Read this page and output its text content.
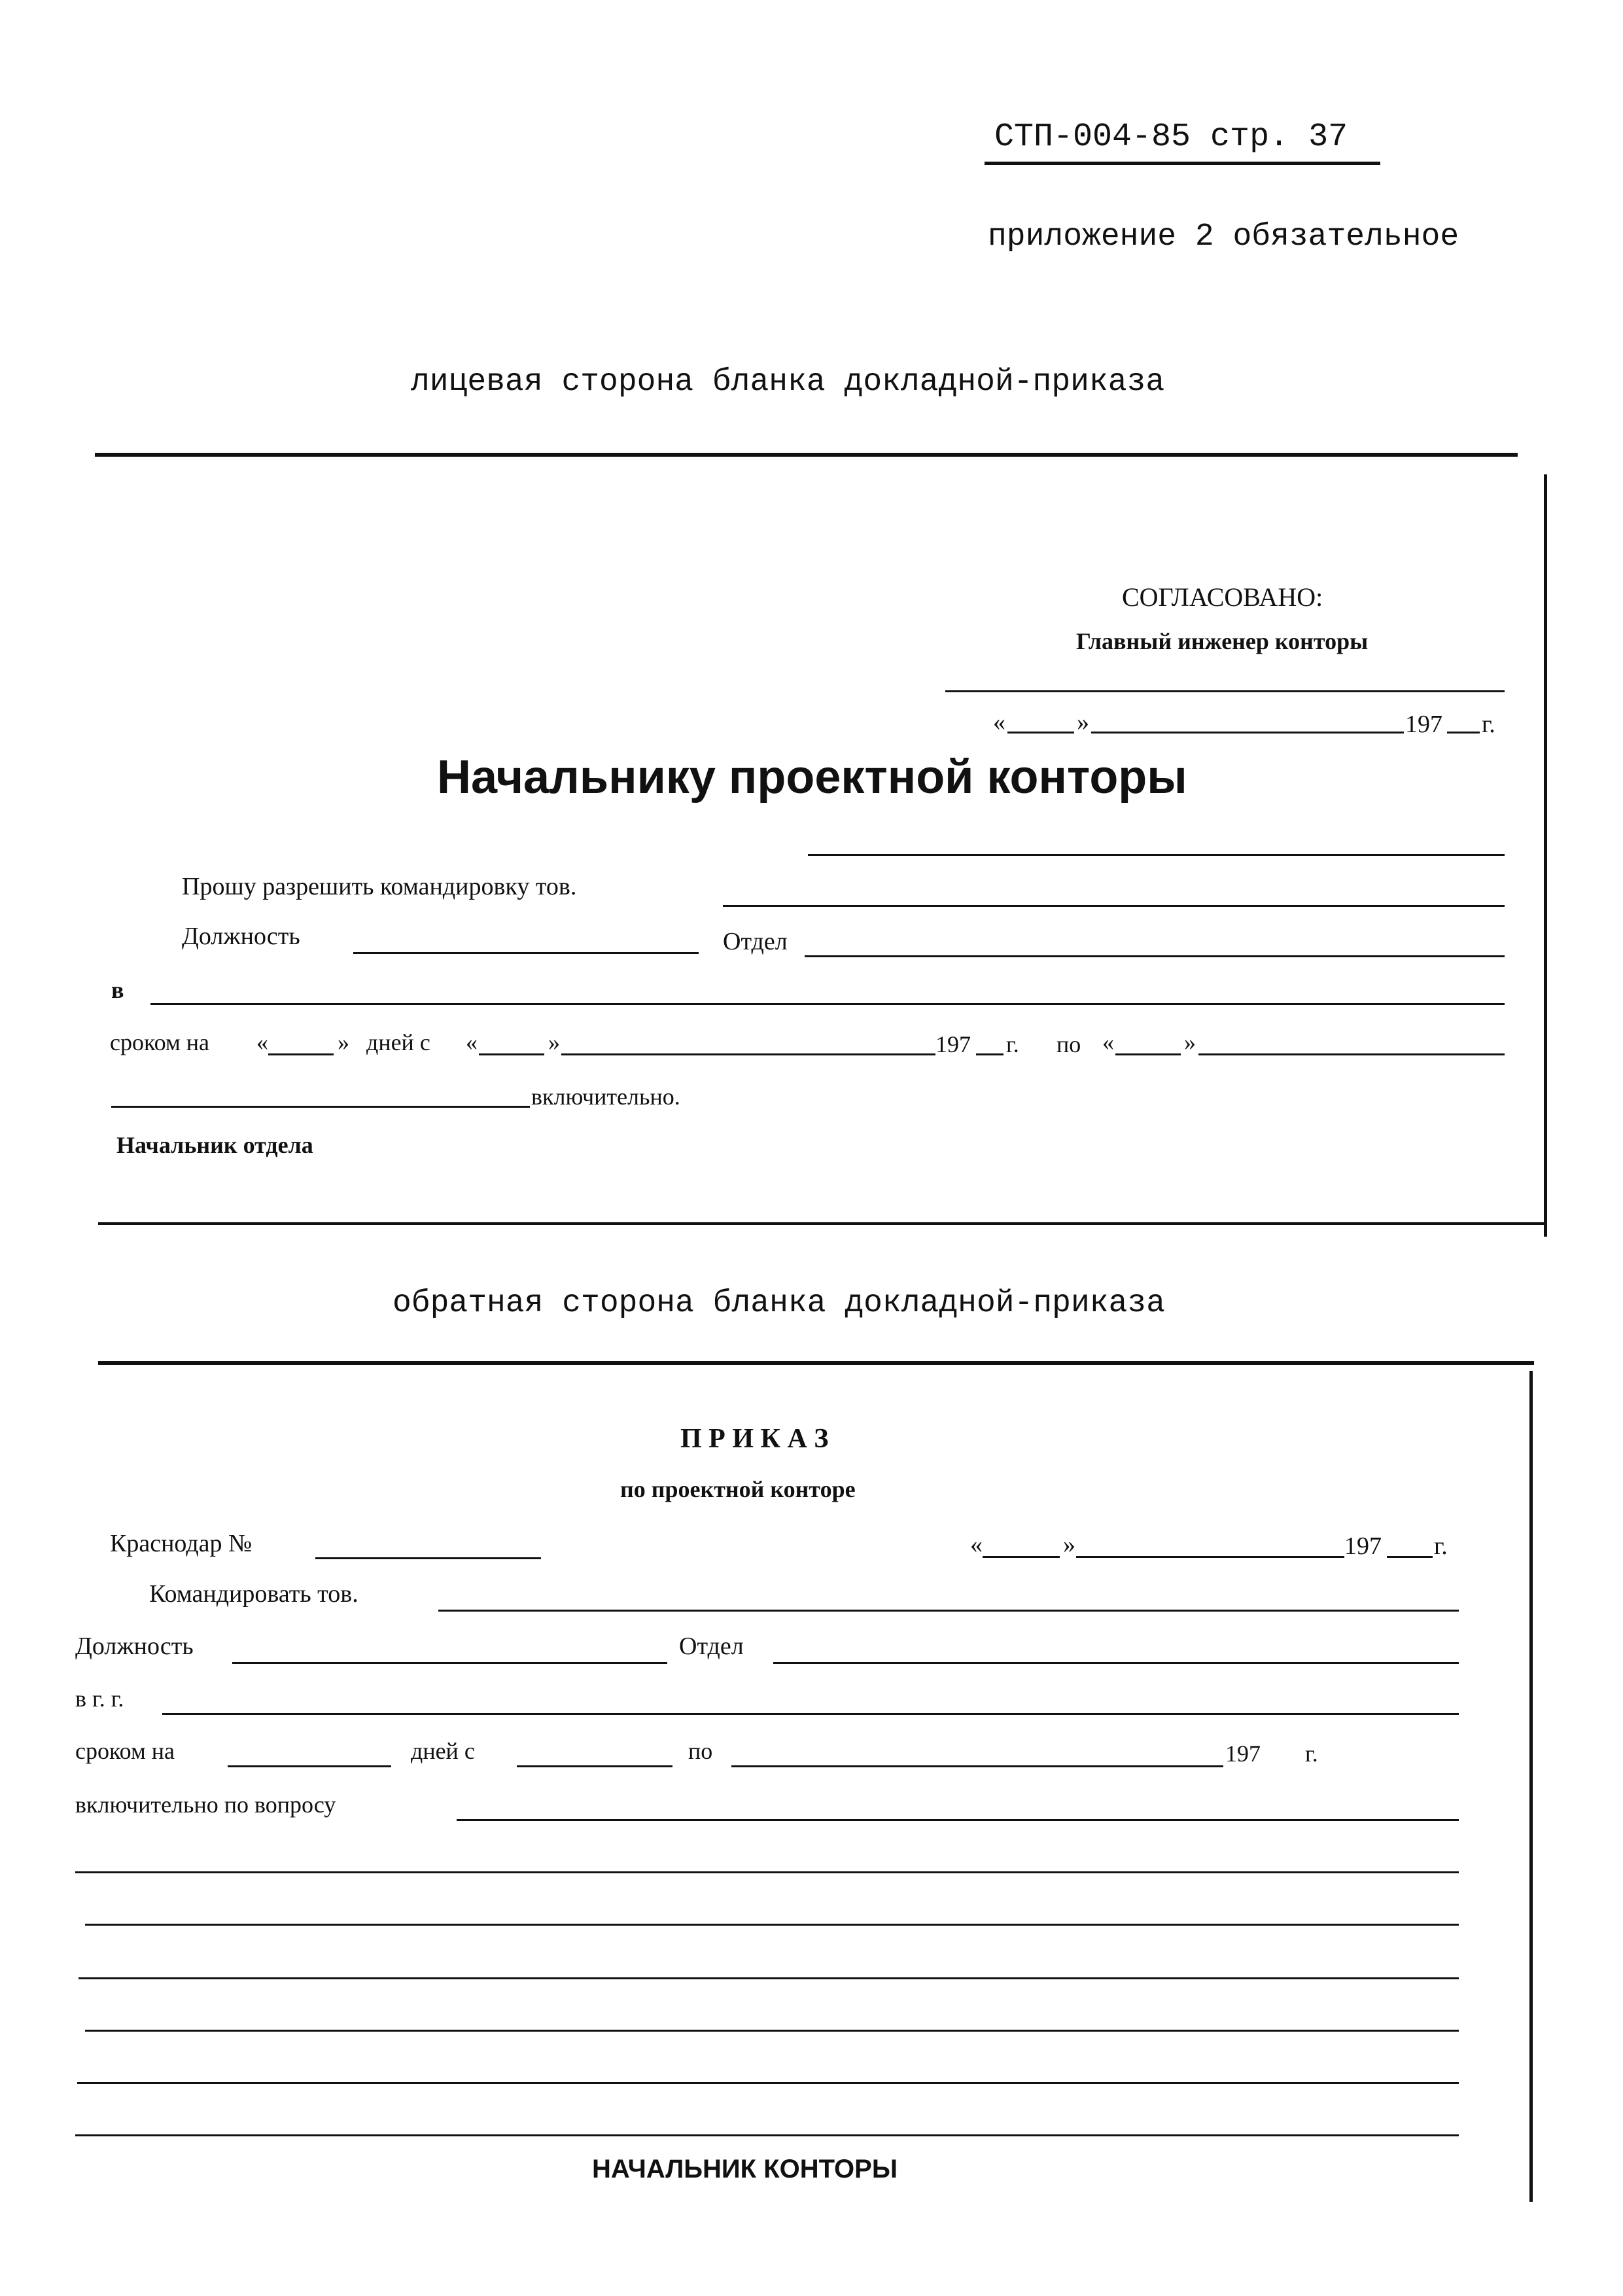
СТП-004-85 стр. 37
приложение 2 обязательное
лицевая сторона бланка докладной-приказа
СОГЛАСОВАНО:
Главный инженер конторы
«	»	197 г.
Начальнику проектной конторы
Прошу разрешить командировку тов.
Должность	Отдел
в
сроком на «	» дней с «	»	197 г. по «	»
включительно.
Начальник отдела
обратная сторона бланка докладной-приказа
П Р И К А З
по проектной конторе
Краснодар №	«	»	197 г.
Командировать тов.
Должность	Отдел
в г. г.
сроком на	дней с	по	197 г.
включительно по вопросу
НАЧАЛЬНИК КОНТОРЫ
